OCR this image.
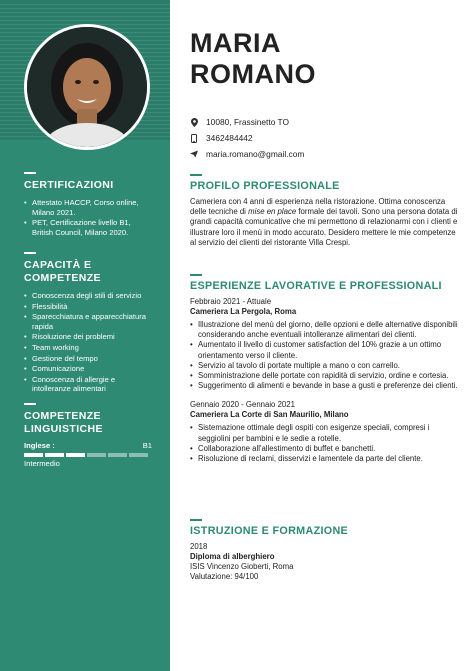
CERTIFICAZIONI
• Attestato HACCP, Corso online, Milano 2021.
• PET, Certificazione livello B1, British Council, Milano 2020.
CAPACITÀ E COMPETENZE
• Conoscenza degli stili di servizio
• Flessibilità
• Sparecchiatura e apparecchiatura rapida
• Risoluzione dei problemi
• Team working
• Gestione del tempo
• Comunicazione
• Conoscenza di allergie e intolleranze alimentari
COMPETENZE LINGUISTICHE
Inglese :	B1
Intermedio
MARIA
ROMANO
10080, Frassinetto TO
3462484442
maria.romano@gmail.com
PROFILO PROFESSIONALE

Cameriera con 4 anni di esperienza nella ristorazione. Ottima conoscenza delle tecniche di mise en place formale dei tavoli. Sono una persona dotata di grandi capacità comunicative che mi permettono di relazionarmi con i clienti e illustrare loro il menù in modo accurato. Desidero mettere le mie competenze al servizio dei clienti del ristorante Villa Crespi.

ESPERIENZE LAVORATIVE E PROFESSIONALI
Febbraio 2021 - Attuale
Cameriera La Pergola, Roma
• Illustrazione del menù del giorno, delle opzioni e delle alternative disponibili considerando anche eventuali intolleranze alimentari dei clienti.
• Aumentato il livello di customer satisfaction del 10% grazie a un ottimo orientamento verso il cliente.
• Servizio al tavolo di portate multiple a mano o con carrello.
• Somministrazione delle portate con rapidità di servizio, ordine e cortesia.
• Suggerimento di alimenti e bevande in base a gusti e preferenze dei clienti.
Gennaio 2020 - Gennaio 2021
Cameriera La Corte di San Maurilio, Milano
• Sistemazione ottimale degli ospiti con esigenze speciali, compresi i seggiolini per bambini e le sedie a rotelle.
• Collaborazione all'allestimento di buffet e banchetti.
• Risoluzione di reclami, disservizi e lamentele da parte del cliente.
ISTRUZIONE E FORMAZIONE
2018
Diploma di alberghiero
ISIS Vincenzo Gioberti, Roma
Valutazione: 94/100
